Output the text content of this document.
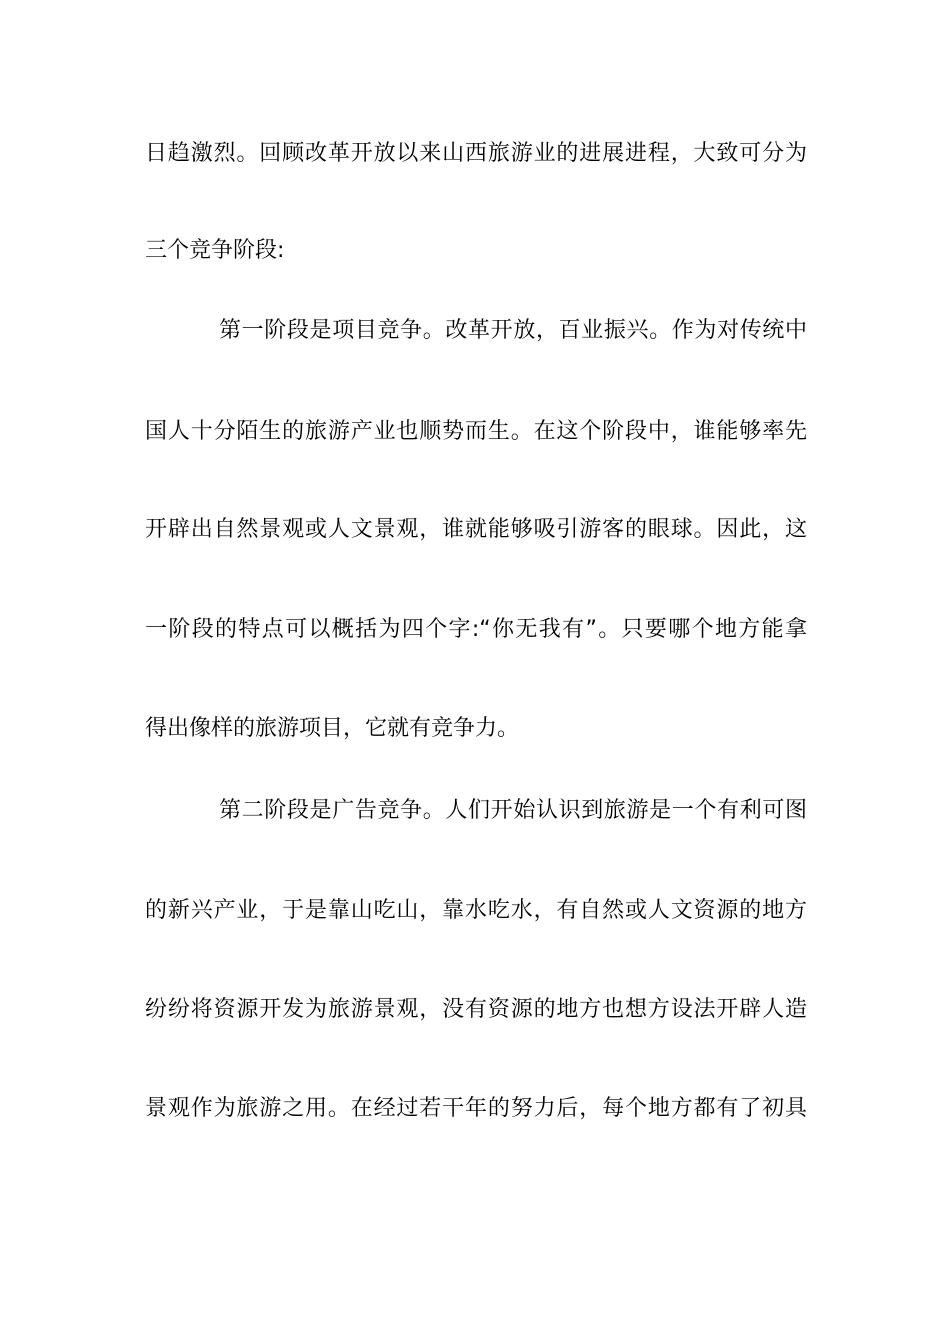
日趋激烈。回顾改革开放以来山西旅游业的进展进程，大致可分为
三个竞争阶段:
第一阶段是项目竞争。改革开放，百业振兴。作为对传统中
国人十分陌生的旅游产业也顺势而生。在这个阶段中，谁能够率先
开辟出自然景观或人文景观，谁就能够吸引游客的眼球。因此，这
一阶段的特点可以概括为四个字:“你无我有”。只要哪个地方能拿
得出像样的旅游项目，它就有竞争力。
第二阶段是广告竞争。人们开始认识到旅游是一个有利可图
的新兴产业，于是靠山吃山，靠水吃水，有自然或人文资源的地方
纷纷将资源开发为旅游景观，没有资源的地方也想方设法开辟人造
景观作为旅游之用。在经过若干年的努力后，每个地方都有了初具
